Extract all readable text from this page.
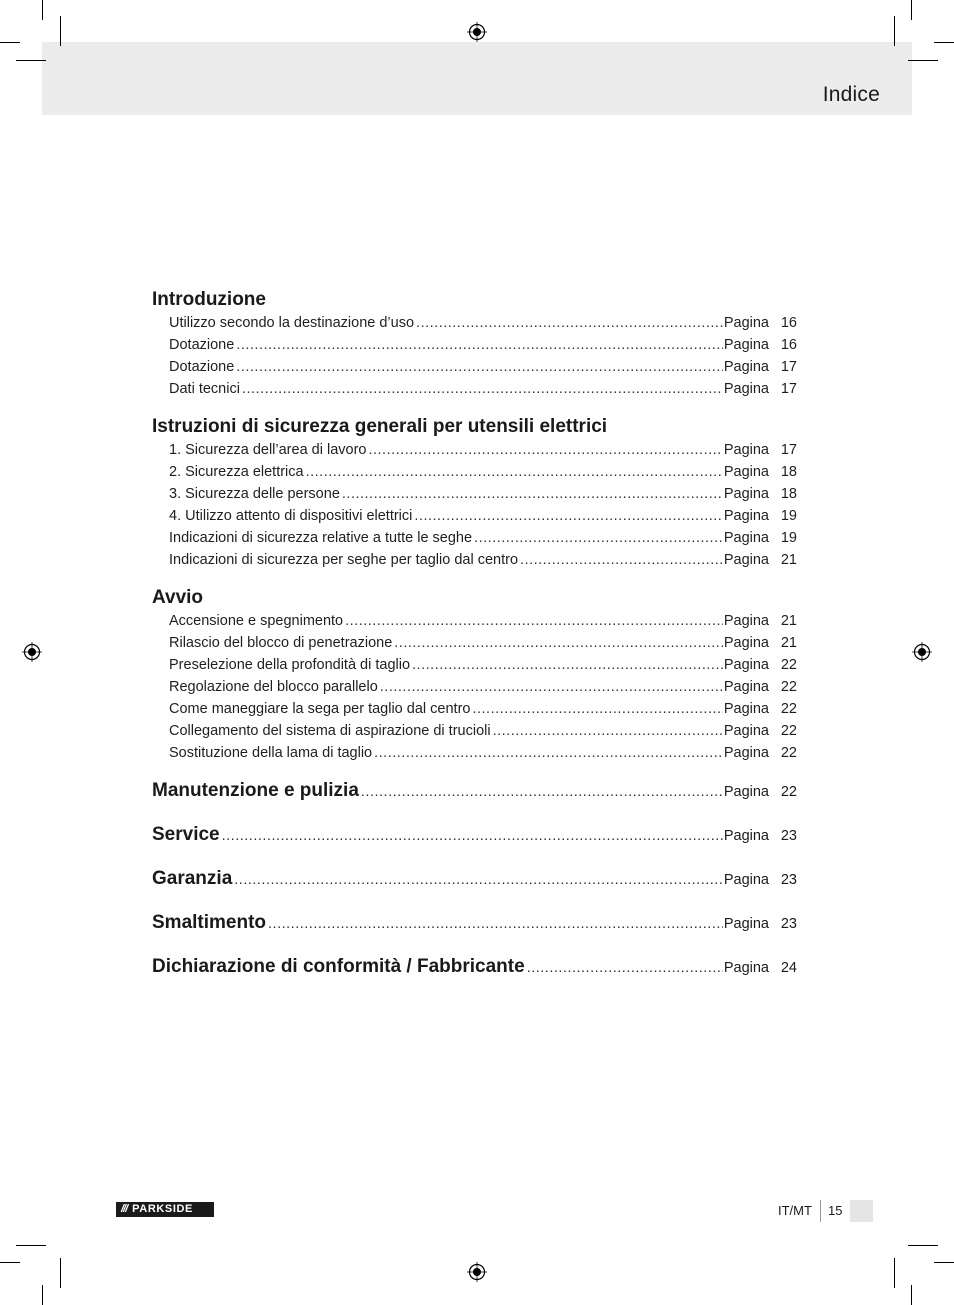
Indice
Introduzione
Utilizzo secondo la destinazione d’uso .....	Pagina 16
Dotazione .....	Pagina 16
Dotazione .....	Pagina 17
Dati tecnici .....	Pagina 17
Istruzioni di sicurezza generali per utensili elettrici
1. Sicurezza dell’area di lavoro .....	Pagina 17
2. Sicurezza elettrica .....	Pagina 18
3. Sicurezza delle persone .....	Pagina 18
4. Utilizzo attento di dispositivi elettrici .....	Pagina 19
Indicazioni di sicurezza relative a tutte le seghe .....	Pagina 19
Indicazioni di sicurezza per seghe per taglio dal centro .....	Pagina 21
Avvio
Accensione e spegnimento .....	Pagina 21
Rilascio del blocco di penetrazione .....	Pagina 21
Preselezione della profondità di taglio .....	Pagina 22
Regolazione del blocco parallelo .....	Pagina 22
Come maneggiare la sega per taglio dal centro .....	Pagina 22
Collegamento del sistema di aspirazione di trucioli .....	Pagina 22
Sostituzione della lama di taglio .....	Pagina 22
Manutenzione e pulizia .....	Pagina 22
Service .....	Pagina 23
Garanzia .....	Pagina 23
Smaltimento .....	Pagina 23
Dichiarazione di conformità / Fabbricante .....	Pagina 24
/// PARKSIDE	IT/MT 15
